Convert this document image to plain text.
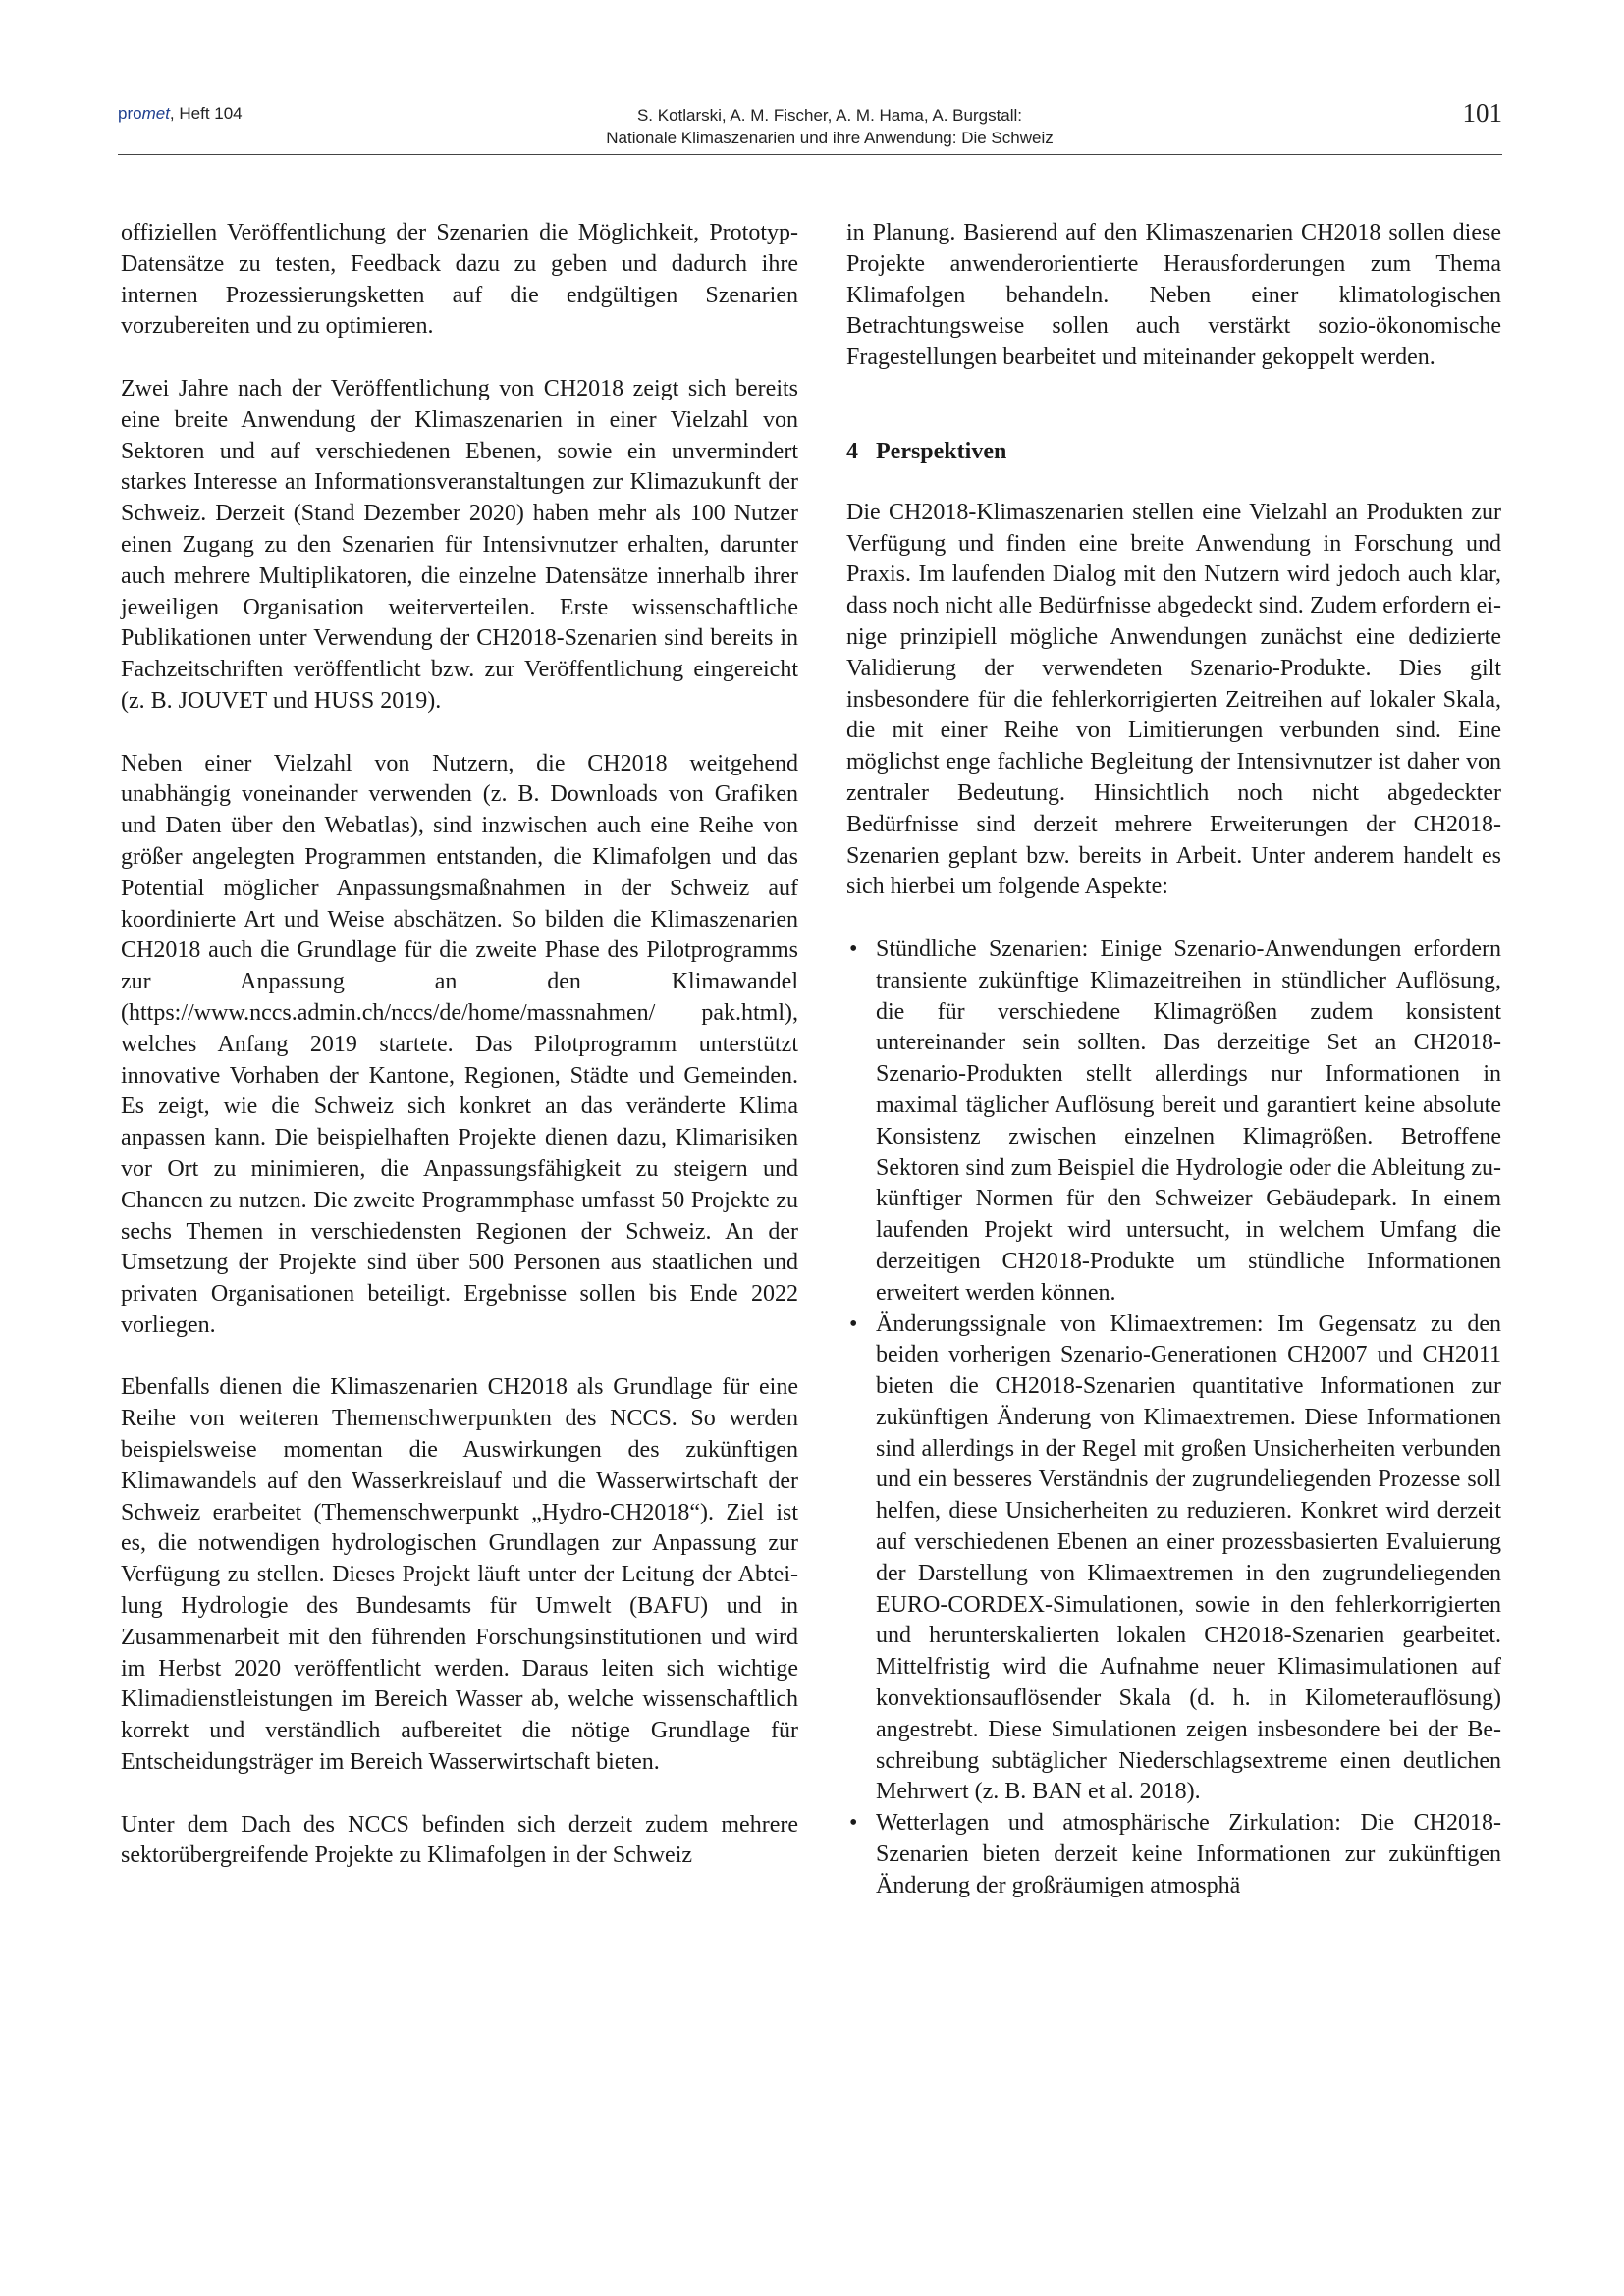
promet, Heft 104	S. Kotlarski, A. M. Fischer, A. M. Hama, A. Burgstall:
Nationale Klimaszenarien und ihre Anwendung: Die Schweiz
101

offiziellen Veröffentlichung der Szenarien die Möglichkeit, Prototyp-Datensätze zu testen, Feedback dazu zu geben und dadurch ihre internen Prozessierungsketten auf die endgültigen Szenarien vorzubereiten und zu optimieren.

Zwei Jahre nach der Veröffentlichung von CH2018 zeigt sich bereits eine breite Anwendung der Klimaszenarien in einer Vielzahl von Sektoren und auf verschiedenen Ebenen, sowie ein unvermindert starkes Interesse an Informationsveranstaltungen zur Klimazukunft der Schweiz. Derzeit (Stand Dezember 2020) haben mehr als 100 Nutzer einen Zugang zu den Szenarien für Intensivnutzer erhalten, darunter auch mehrere Multiplikatoren, die einzelne Datensätze innerhalb ihrer jeweiligen Organisation weiterverteilen. Erste wissenschaftliche Publikationen unter Verwendung der CH2018-Szenarien sind bereits in Fachzeitschriften veröffentlicht bzw. zur Veröffentlichung eingereicht (z. B. JOUVET und HUSS 2019).

Neben einer Vielzahl von Nutzern, die CH2018 weitgehend unabhängig voneinander verwenden (z. B. Downloads von Grafiken und Daten über den Webatlas), sind inzwischen auch eine Reihe von größer angelegten Programmen entstanden, die Klimafolgen und das Potential möglicher Anpassungsmaßnahmen in der Schweiz auf koordinierte Art und Weise abschätzen. So bilden die Klimaszenarien CH2018 auch die Grundlage für die zweite Phase des Pilotprogramms zur Anpassung an den Klimawandel (https://www.nccs.admin.ch/nccs/de/home/massnahmen/ pak.html), welches Anfang 2019 startete. Das Pilotprogramm unterstützt innovative Vorhaben der Kantone, Regionen, Städte und Gemeinden. Es zeigt, wie die Schweiz sich konkret an das veränderte Klima anpassen kann. Die beispielhaften Projekte dienen dazu, Klimarisiken vor Ort zu minimieren, die Anpassungsfähigkeit zu steigern und Chancen zu nutzen. Die zweite Programmphase umfasst 50 Projekte zu sechs Themen in verschiedensten Regionen der Schweiz. An der Umsetzung der Projekte sind über 500 Personen aus staatlichen und privaten Organisationen beteiligt. Ergebnisse sollen bis Ende 2022 vorliegen.

Ebenfalls dienen die Klimaszenarien CH2018 als Grundlage für eine Reihe von weiteren Themenschwerpunkten des NCCS. So werden beispielsweise momentan die Auswirkungen des zukünftigen Klimawandels auf den Wasserkreislauf und die Wasserwirtschaft der Schweiz erarbeitet (Themenschwerpunkt „Hydro-CH2018“). Ziel ist es, die notwendigen hydrologischen Grundlagen zur Anpassung zur Verfügung zu stellen. Dieses Projekt läuft unter der Leitung der Abteilung Hydrologie des Bundesamts für Umwelt (BAFU) und in Zusammenarbeit mit den führenden Forschungsinstitutionen und wird im Herbst 2020 veröffentlicht werden. Daraus leiten sich wichtige Klimadienstleistungen im Bereich Wasser ab, welche wissenschaftlich korrekt und verständlich aufbereitet die nötige Grundlage für Entscheidungsträger im Bereich Wasserwirtschaft bieten.

Unter dem Dach des NCCS befinden sich derzeit zudem mehrere sektorübergreifende Projekte zu Klimafolgen in der Schweiz

in Planung. Basierend auf den Klimaszenarien CH2018 sollen diese Projekte anwenderorientierte Herausforderungen zum Thema Klimafolgen behandeln. Neben einer klimatologischen Betrachtungsweise sollen auch verstärkt sozio-ökonomische Fragestellungen bearbeitet und miteinander gekoppelt werden.

4 Perspektiven

Die CH2018-Klimaszenarien stellen eine Vielzahl an Produkten zur Verfügung und finden eine breite Anwendung in Forschung und Praxis. Im laufenden Dialog mit den Nutzern wird jedoch auch klar, dass noch nicht alle Bedürfnisse abgedeckt sind. Zudem erfordern einige prinzipiell mögliche Anwendungen zunächst eine dedizierte Validierung der verwendeten Szenario-Produkte. Dies gilt insbesondere für die fehlerkorrigierten Zeitreihen auf lokaler Skala, die mit einer Reihe von Limitierungen verbunden sind. Eine möglichst enge fachliche Begleitung der Intensivnutzer ist daher von zentraler Bedeutung. Hinsichtlich noch nicht abgedeckter Bedürfnisse sind derzeit mehrere Erweiterungen der CH2018-Szenarien geplant bzw. bereits in Arbeit. Unter anderem handelt es sich hierbei um folgende Aspekte:

• Stündliche Szenarien: Einige Szenario-Anwendungen erfordern transiente zukünftige Klimazeitreihen in stündlicher Auflösung, die für verschiedene Klimagrößen zudem konsistent untereinander sein sollten. Das derzeitige Set an CH2018-Szenario-Produkten stellt allerdings nur Informationen in maximal täglicher Auflösung bereit und garantiert keine absolute Konsistenz zwischen einzelnen Klimagrößen. Betroffene Sektoren sind zum Beispiel die Hydrologie oder die Ableitung zukünftiger Normen für den Schweizer Gebäudepark. In einem laufenden Projekt wird untersucht, in welchem Umfang die derzeitigen CH2018-Produkte um stündliche Informationen erweitert werden können.
• Änderungssignale von Klimaextremen: Im Gegensatz zu den beiden vorherigen Szenario-Generationen CH2007 und CH2011 bieten die CH2018-Szenarien quantitative Informationen zur zukünftigen Änderung von Klimaextremen. Diese Informationen sind allerdings in der Regel mit großen Unsicherheiten verbunden und ein besseres Verständnis der zugrundeliegenden Prozesse soll helfen, diese Unsicherheiten zu reduzieren. Konkret wird derzeit auf verschiedenen Ebenen an einer prozessbasierten Evaluierung der Darstellung von Klimaextremen in den zugrundeliegenden EURO-CORDEX-Simulationen, sowie in den fehlerkorrigierten und herunterskalierten lokalen CH2018-Szenarien gearbeitet. Mittelfristig wird die Aufnahme neuer Klimasimulationen auf konvektionsauflösender Skala (d. h. in Kilometerauflösung) angestrebt. Diese Simulationen zeigen insbesondere bei der Beschreibung subtäglicher Niederschlagsextreme einen deutlichen Mehrwert (z. B. BAN et al. 2018).
• Wetterlagen und atmosphärische Zirkulation: Die CH2018-Szenarien bieten derzeit keine Informationen zur zukünftigen Änderung der großräumigen atmosphä
